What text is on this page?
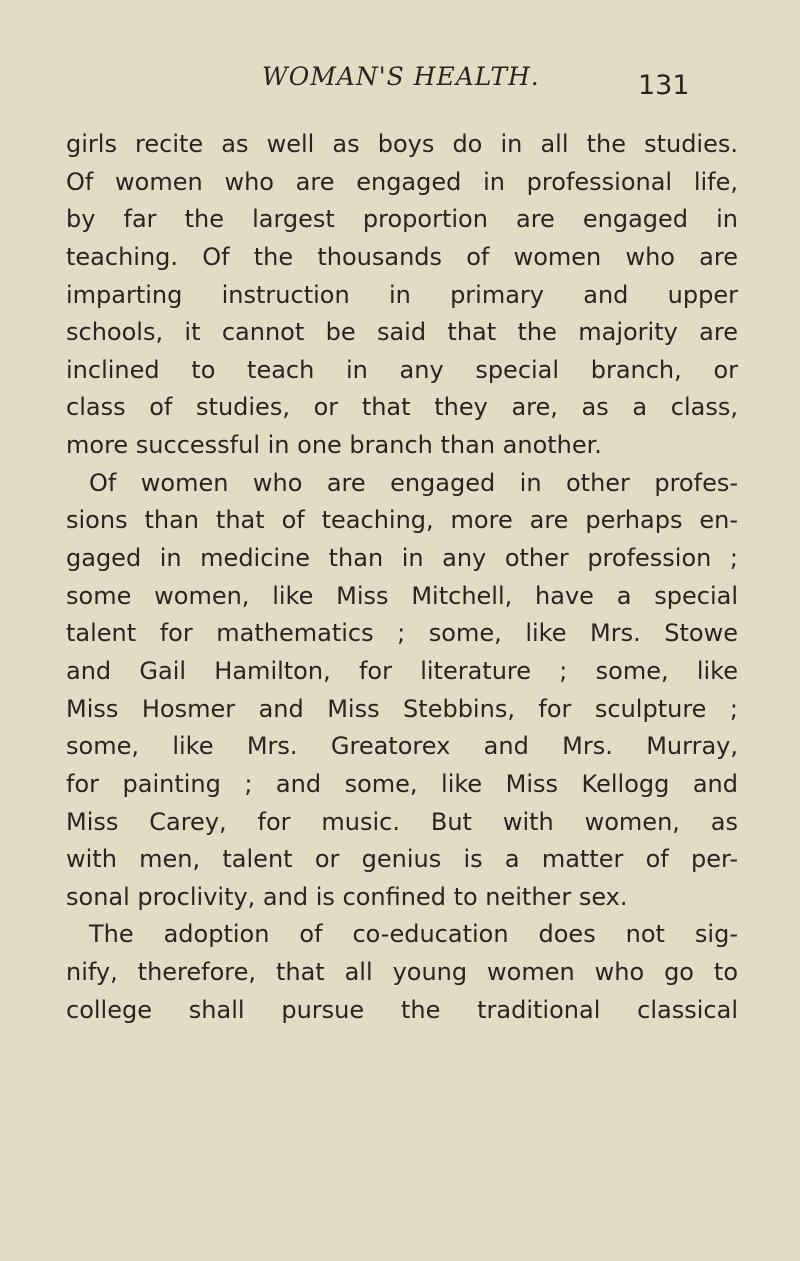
WOMAN'S HEALTH.	131
girls recite as well as boys do in all the studies.
Of women who are engaged in professional life,
by far the largest proportion are engaged in
teaching. Of the thousands of women who are
imparting instruction in primary and upper
schools, it cannot be said that the majority are
inclined to teach in any special branch, or
class of studies, or that they are, as a class,
more successful in one branch than another.
Of women who are engaged in other profes-
sions than that of teaching, more are perhaps en-
gaged in medicine than in any other profession ;
some women, like Miss Mitchell, have a special
talent for mathematics ; some, like Mrs. Stowe
and Gail Hamilton, for literature ; some, like
Miss Hosmer and Miss Stebbins, for sculpture ;
some, like Mrs. Greatorex and Mrs. Murray,
for painting ; and some, like Miss Kellogg and
Miss Carey, for music. But with women, as
with men, talent or genius is a matter of per-
sonal proclivity, and is confined to neither sex.
The adoption of co-education does not sig-
nify, therefore, that all young women who go to
college shall pursue the traditional classical
